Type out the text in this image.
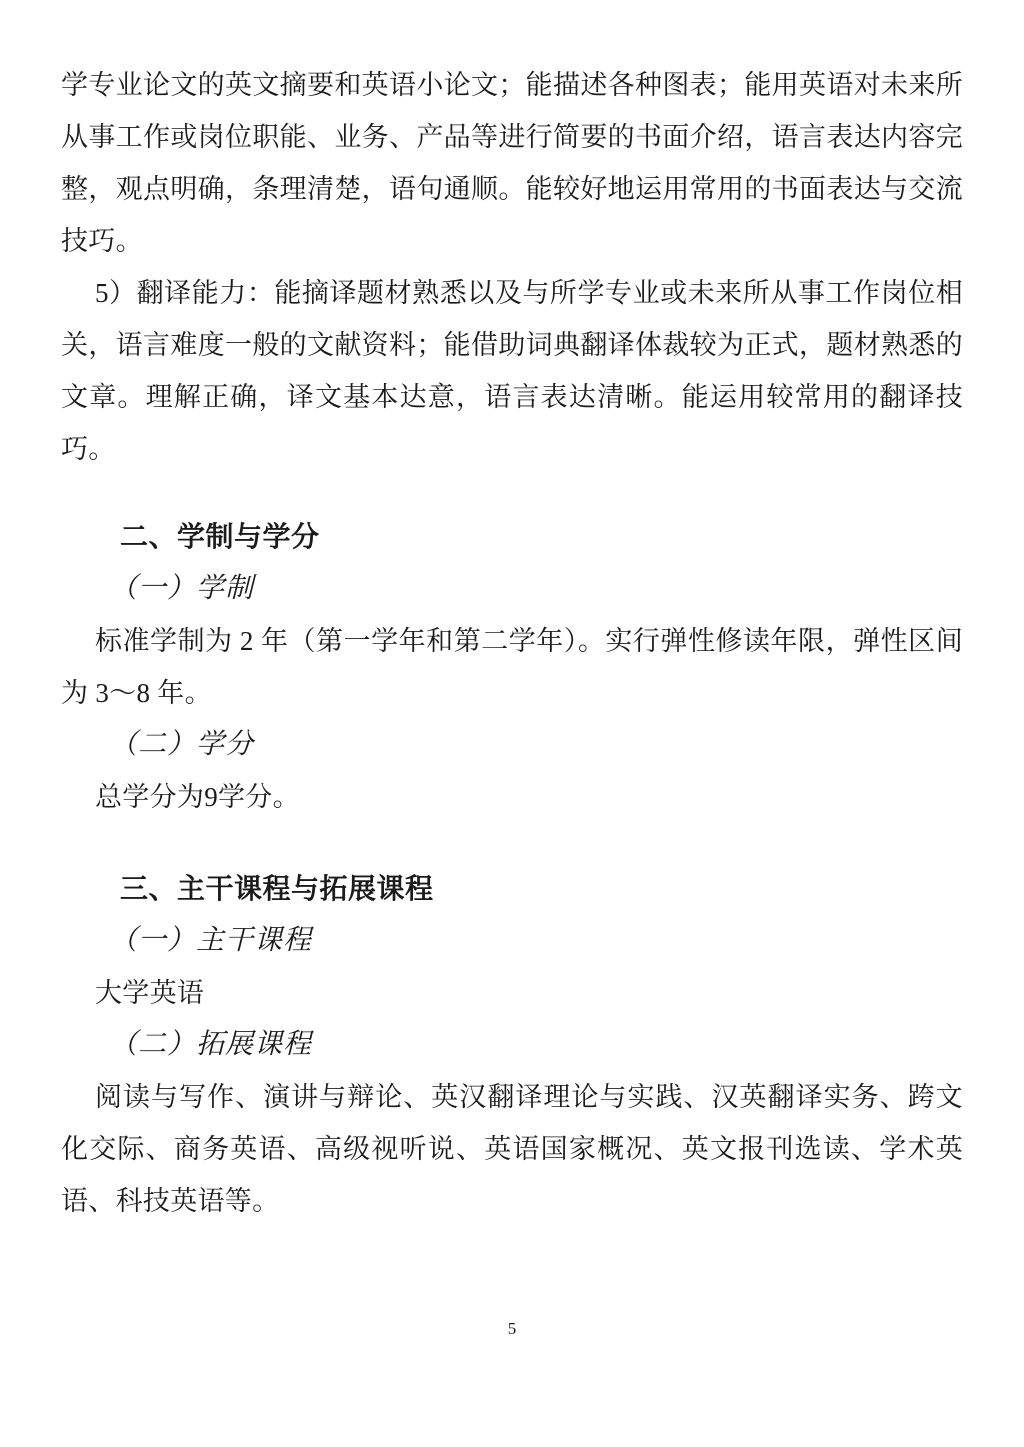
学专业论文的英文摘要和英语小论文；能描述各种图表；能用英语对未来所从事工作或岗位职能、业务、产品等进行简要的书面介绍，语言表达内容完整，观点明确，条理清楚，语句通顺。能较好地运用常用的书面表达与交流技巧。

5）翻译能力：能摘译题材熟悉以及与所学专业或未来所从事工作岗位相关，语言难度一般的文献资料；能借助词典翻译体裁较为正式，题材熟悉的文章。理解正确，译文基本达意，语言表达清晰。能运用较常用的翻译技巧。

二、学制与学分

（一）学制

标准学制为 2 年（第一学年和第二学年）。实行弹性修读年限，弹性区间为 3～8 年。

（二）学分

总学分为9学分。

三、主干课程与拓展课程

（一）主干课程

大学英语

（二）拓展课程

阅读与写作、演讲与辩论、英汉翻译理论与实践、汉英翻译实务、跨文化交际、商务英语、高级视听说、英语国家概况、英文报刊选读、学术英语、科技英语等。

5
